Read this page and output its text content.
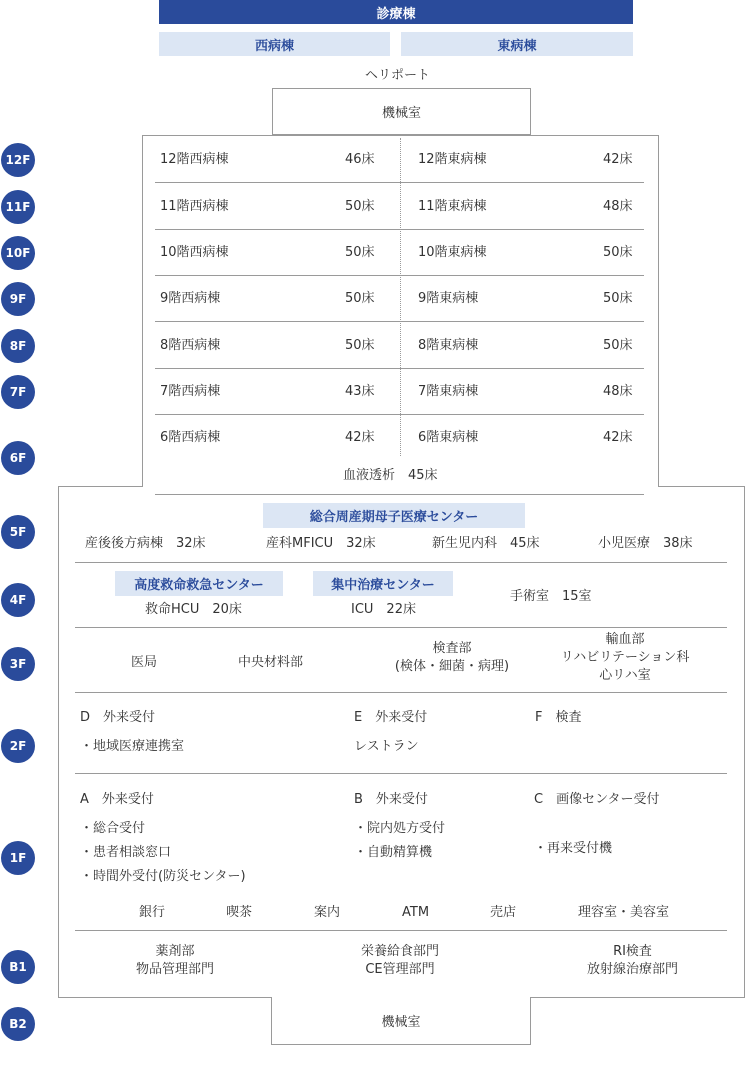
診療棟
西病棟	東病棟
ヘリポート
機械室
12階西病棟	46床	12階東病棟	42床
11階西病棟	50床	11階東病棟	48床
10階西病棟	50床	10階東病棟	50床
9階西病棟	50床	9階東病棟	50床
8階西病棟	50床	8階東病棟	50床
7階西病棟	43床	7階東病棟	48床
6階西病棟	42床	6階東病棟	42床
血液透析　45床
総合周産期母子医療センター
産後後方病棟　32床	産科MFICU　32床	新生児内科　45床	小児医療　38床
高度救命救急センター	集中治療センター
救命HCU　20床	ICU　22床
手術室　15室
医局	中央材料部
検査部
(検体・細菌・病理)
輸血部
リハビリテーション科
心リハ室
D　外来受付
・地域医療連携室
E　外来受付
レストラン
F　検査
A　外来受付
・総合受付
・患者相談窓口
・時間外受付(防災センター)
B　外来受付
・院内処方受付
・自動精算機
C　画像センター受付
・再来受付機
銀行	喫茶	案内	ATM	売店	理容室・美容室
薬剤部
物品管理部門
栄養給食部門
CE管理部門
RI検査
放射線治療部門
機械室
12F
11F
10F
9F
8F
7F
6F
5F
4F
3F
2F
1F
B1
B2
